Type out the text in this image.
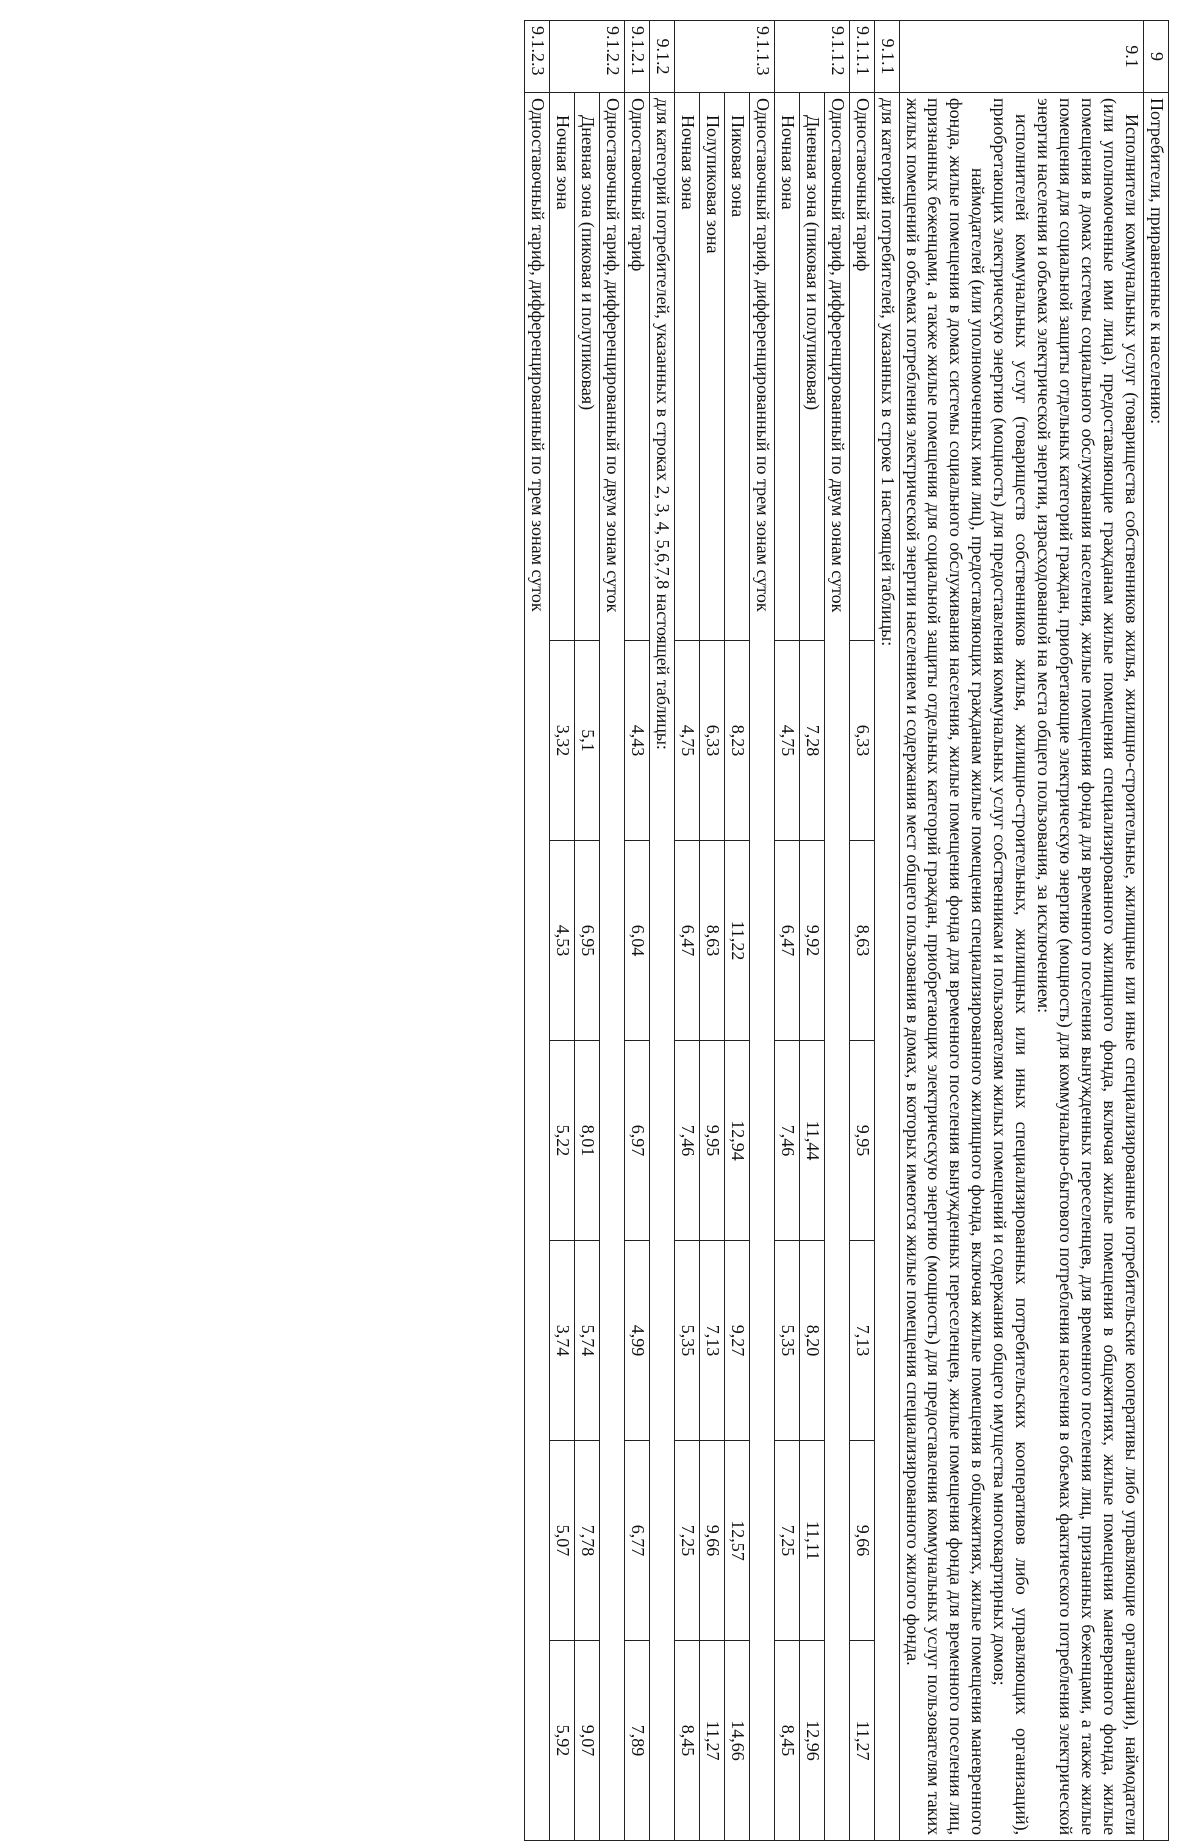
9	Потребители, приравненные к населению:						
9.1	Исполнители коммунальных услуг (товарищества собственников жилья, жилищно-строительные, жилищные или иные специализированные потребительские кооперативы либо управляющие организации), наймодатели (или уполномоченные ими лица), предоставляющие гражданам жилые помещения специализированного жилищного фонда, включая жилые помещения в общежитиях, жилые помещения маневренного фонда, жилые помещения в домах системы социального обслуживания населения, жилые помещения фонда для временного поселения вынужденных переселенцев, для временного поселения лиц, признанных беженцами, а также жилые помещения для социальной защиты отдельных категорий граждан, приобретающие электрическую энергию (мощность) для коммунально-бытового потребления населения в объемах фактического потребления электрической энергии населения и объемах электрической энергии, израсходованной на места общего пользования, за исключением:

исполнителей коммунальных услуг (товариществ собственников жилья, жилищно-строительных, жилищных или иных специализированных потребительских кооперативов либо управляющих организаций), приобретающих электрическую энергию (мощность) для предоставления коммунальных услуг собственникам и пользователям жилых помещений и содержания общего имущества многоквартирных домов;

наймодателей (или уполномоченных ими лиц), предоставляющих гражданам жилые помещения специализированного жилищного фонда, включая жилые помещения в общежитиях, жилые помещения маневренного фонда, жилые помещения в домах системы социального обслуживания населения, жилые помещения фонда для временного поселения вынужденных переселенцев, жилые помещения фонда для временного поселения лиц, признанных беженцами, а также жилые помещения для социальной защиты отдельных категорий граждан, приобретающих электрическую энергию (мощность) для предоставления коммунальных услуг пользователям таких жилых помещений в объемах потребления электрической энергии населением и содержания мест общего пользования в домах, в которых имеются жилые помещения специализированного жилого фонда.						

9.1.1	для категорий потребителей, указанных в строке 1 настоящей таблицы:						
9.1.1.1	Одноставочный тариф	6,33	8,63	9,95	7,13	9,66	11,27
9.1.1.2	Одноставочный тариф, дифференцированный по двум зонам суток						
	Дневная зона (пиковая и полупиковая)	7,28	9,92	11,44	8,20	11,11	12,96
	Ночная зона	4,75	6,47	7,46	5,35	7,25	8,45
9.1.1.3	Одноставочный тариф, дифференцированный по трем зонам суток						
	Пиковая зона	8,23	11,22	12,94	9,27	12,57	14,66
	Полупиковая зона	6,33	8,63	9,95	7,13	9,66	11,27
	Ночная зона	4,75	6,47	7,46	5,35	7,25	8,45
9.1.2	для категорий потребителей, указанных в строках 2, 3, 4, 5,6,7,8 настоящей таблицы:						
9.1.2.1	Одноставочный тариф	4,43	6,04	6,97	4,99	6,77	7,89
9.1.2.2	Одноставочный тариф, дифференцированный по двум зонам суток						
	Дневная зона (пиковая и полупиковая)	5,1	6,95	8,01	5,74	7,78	9,07
	Ночная зона	3,32	4,53	5,22	3,74	5,07	5,92
9.1.2.3	Одноставочный тариф, дифференцированный по трем зонам суток						
